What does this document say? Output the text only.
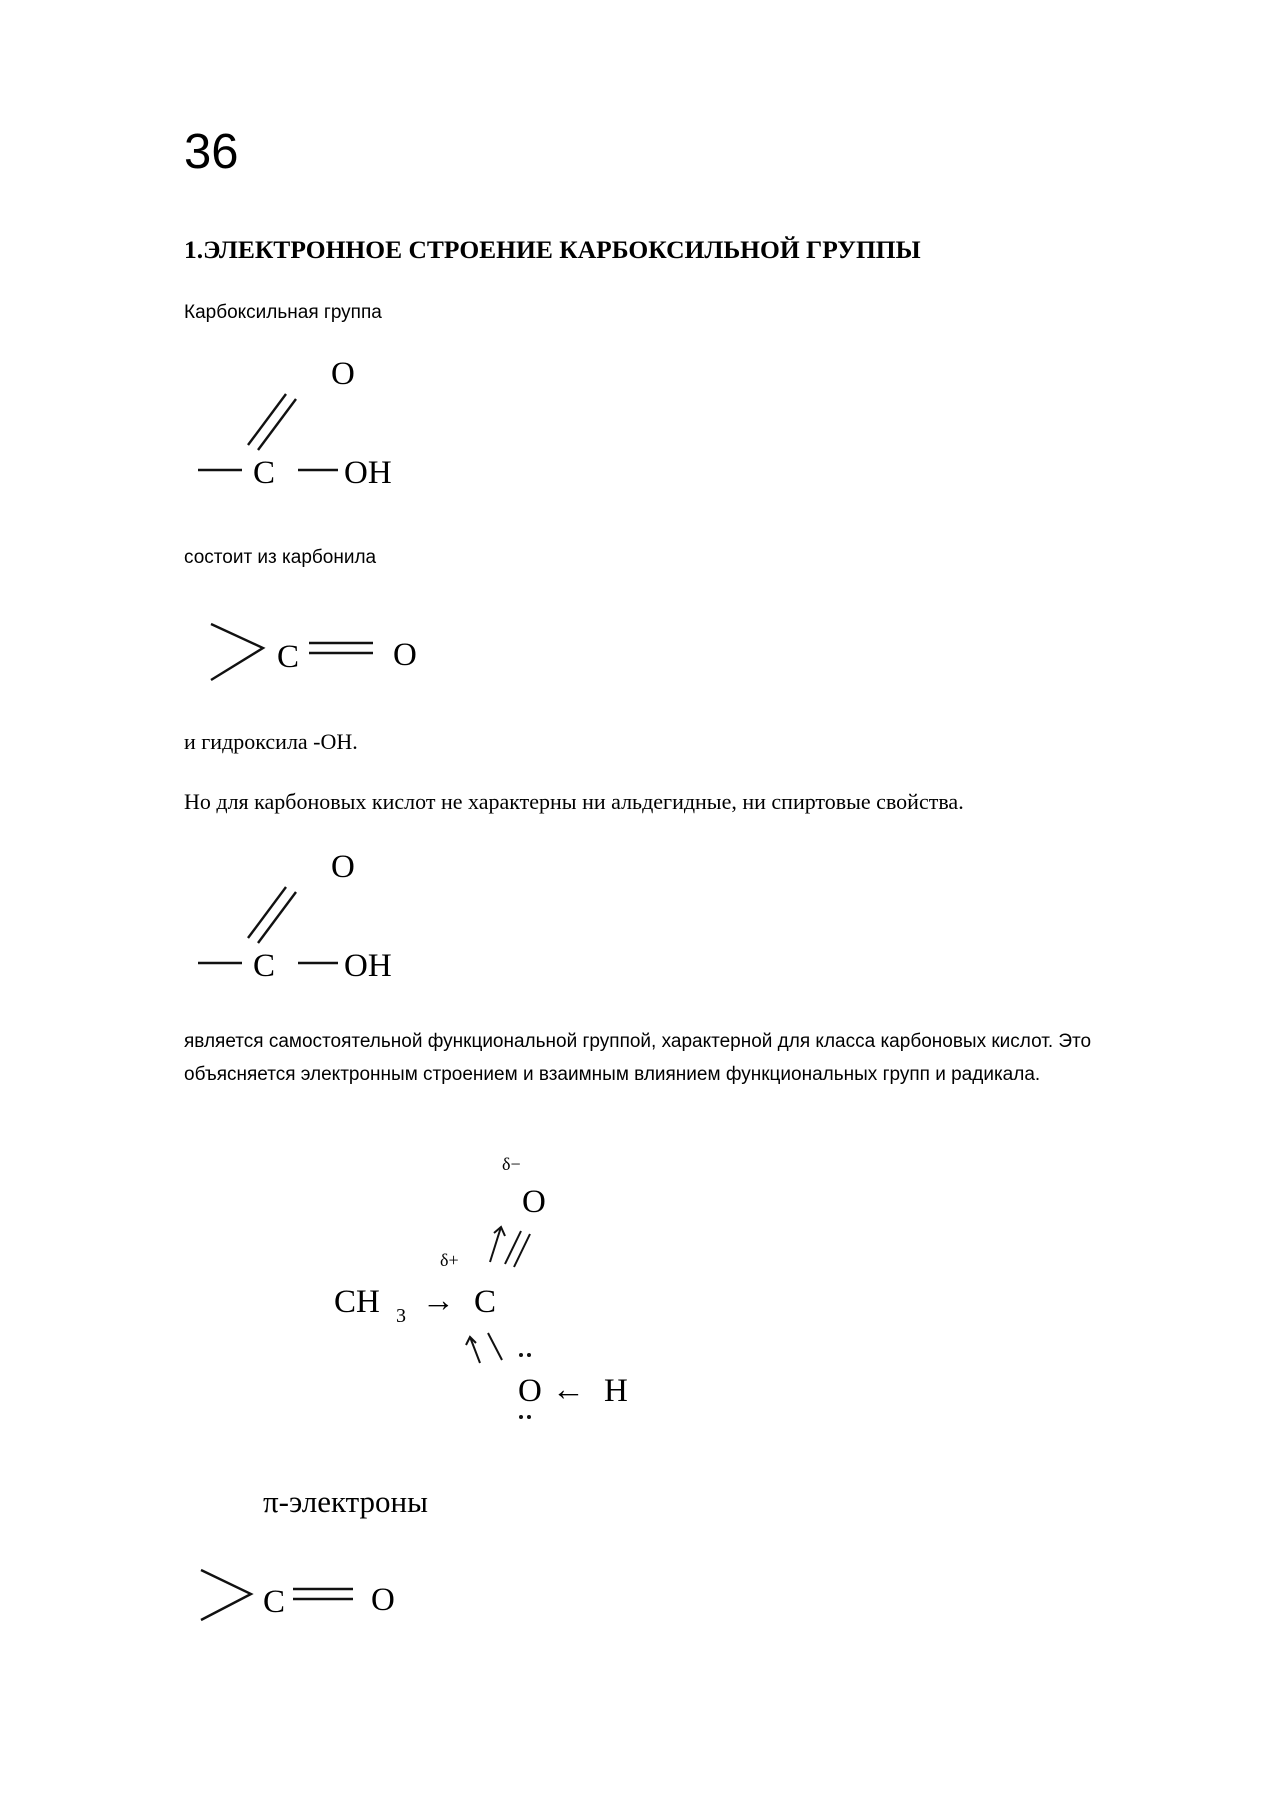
36
1.ЭЛЕКТРОННОЕ СТРОЕНИЕ КАРБОКСИЛЬНОЙ ГРУППЫ

Карбоксильная группа

C
O
OH

состоит из карбонила

C	O

и гидроксила -OH.

Но для карбоновых кислот не характерны ни альдегидные, ни спиртовые свойства.

C
O
OH

является самостоятельной функциональной группой, характерной для класса карбоновых кислот. Это объясняется электронным строением и взаимным влиянием функциональных групп и радикала.

δ−
O
δ+
CH 3 → C
O ← H
π-электроны
C	O
